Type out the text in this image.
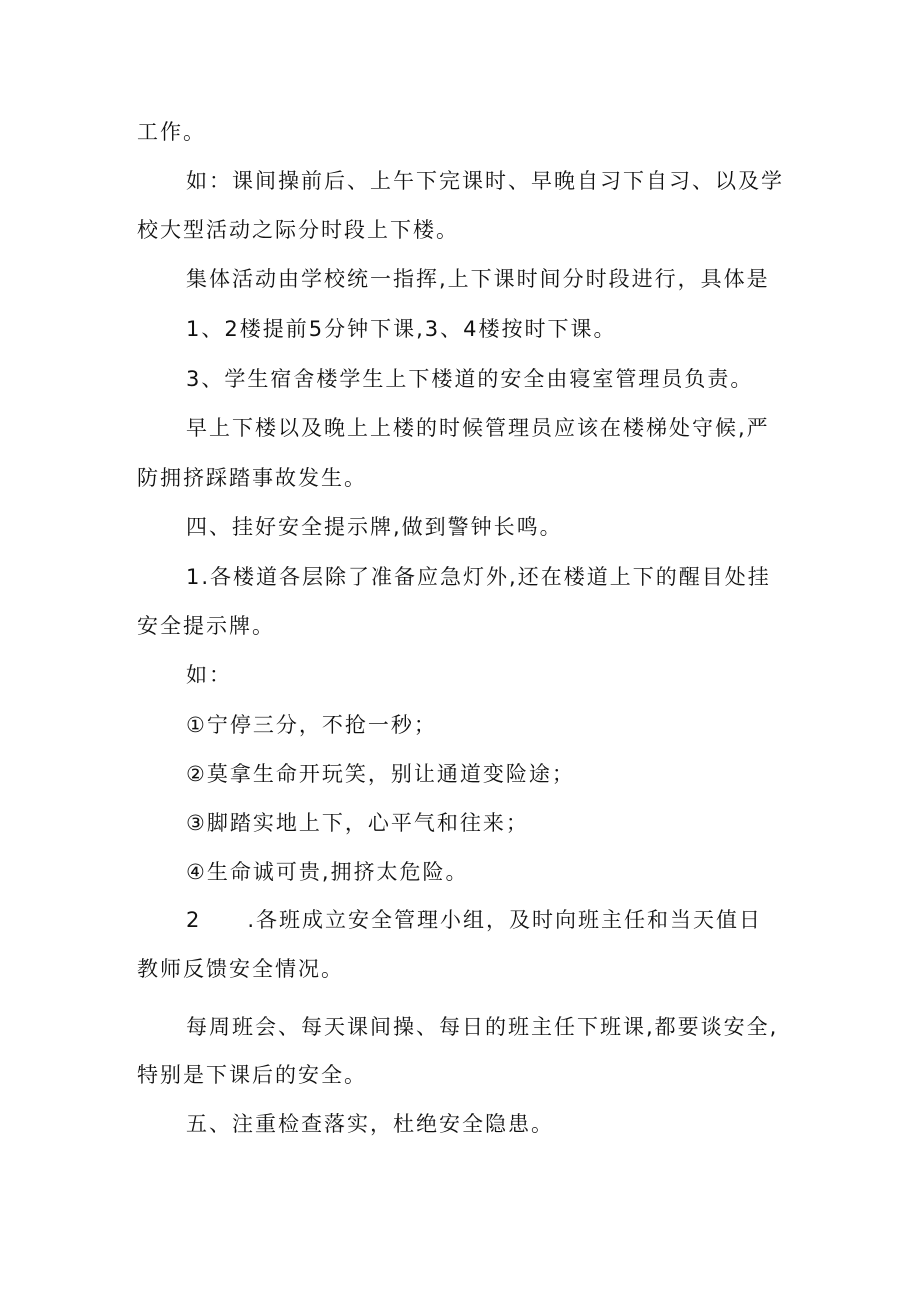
工作。
如：课间操前后、上午下完课时、早晚自习下自习、以及学
校大型活动之际分时段上下楼。
集体活动由学校统一指挥,上下课时间分时段进行，具体是
1、2楼提前5分钟下课,3、4楼按时下课。
3、学生宿舍楼学生上下楼道的安全由寝室管理员负责。
早上下楼以及晚上上楼的时候管理员应该在楼梯处守候,严
防拥挤踩踏事故发生。
四、挂好安全提示牌,做到警钟长鸣。
1.各楼道各层除了准备应急灯外,还在楼道上下的醒目处挂
安全提示牌。
如：
①宁停三分，不抢一秒；
②莫拿生命开玩笑，别让通道变险途；
③脚踏实地上下，心平气和往来；
④生命诚可贵,拥挤太危险。
2 .各班成立安全管理小组，及时向班主任和当天值日
教师反馈安全情况。
每周班会、每天课间操、每日的班主任下班课,都要谈安全,
特别是下课后的安全。
五、注重检查落实，杜绝安全隐患。
